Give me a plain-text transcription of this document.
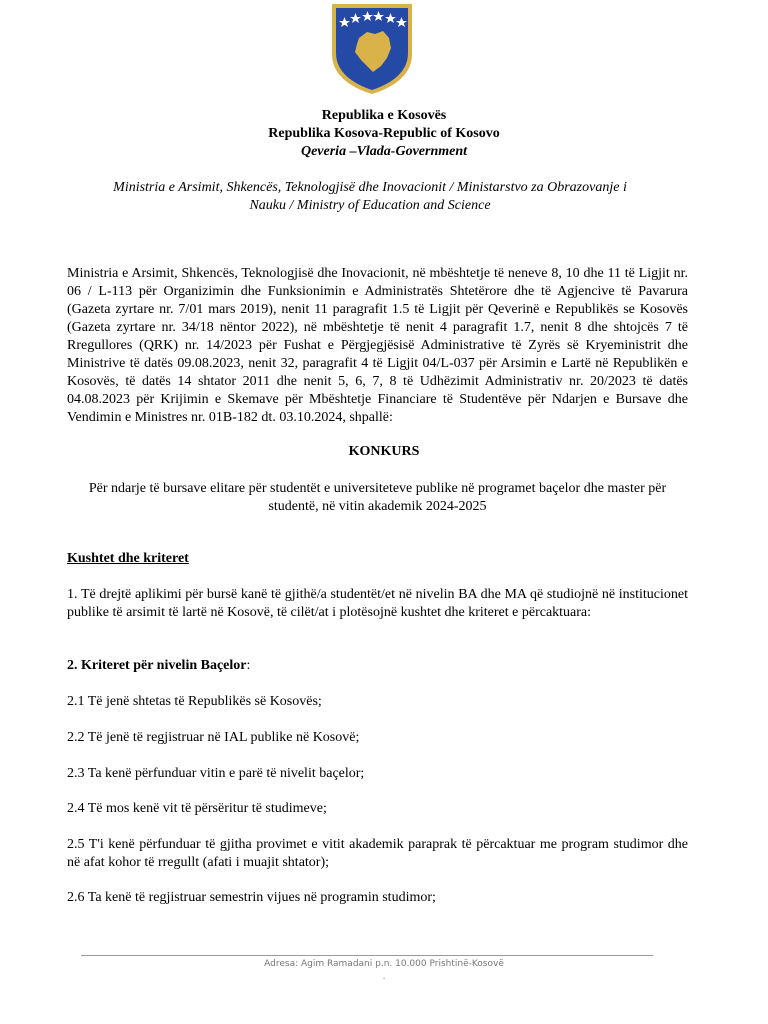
Republika e Kosovës
Republika Kosova-Republic of Kosovo
Qeveria –Vlada-Government
Ministria e Arsimit, Shkencës, Teknologjisë dhe Inovacionit / Ministarstvo za Obrazovanje i
Nauku / Ministry of Education and Science
Ministria e Arsimit, Shkencës, Teknologjisë dhe Inovacionit, në mbështetje të neneve 8, 10 dhe 11 të Ligjit nr. 06 / L-113 për Organizimin dhe Funksionimin e Administratës Shtetërore dhe të Agjencive të Pavarura (Gazeta zyrtare nr. 7/01 mars 2019), nenit 11 paragrafit 1.5 të Ligjit për Qeverinë e Republikës se Kosovës (Gazeta zyrtare nr. 34/18 nëntor 2022), në mbështetje të nenit 4 paragrafit 1.7, nenit 8 dhe shtojcës 7 të Rregullores (QRK) nr. 14/2023 për Fushat e Përgjegjësisë Administrative të Zyrës së Kryeministrit dhe Ministrive të datës 09.08.2023, nenit 32, paragrafit 4 të Ligjit 04/L-037 për Arsimin e Lartë në Republikën e Kosovës, të datës 14 shtator 2011 dhe nenit 5, 6, 7, 8 të Udhëzimit Administrativ nr. 20/2023 të datës 04.08.2023 për Krijimin e Skemave për Mbështetje Financiare të Studentëve për Ndarjen e Bursave dhe Vendimin e Ministres nr. 01B-182 dt. 03.10.2024, shpallë:
KONKURS
Për ndarje të bursave elitare për studentët e universiteteve publike në programet baçelor dhe master për studentë, në vitin akademik 2024-2025
Kushtet dhe kriteret
1. Të drejtë aplikimi për bursë kanë të gjithë/a studentët/et në nivelin BA dhe MA që studiojnë në institucionet publike të arsimit të lartë në Kosovë, të cilët/at i plotësojnë kushtet dhe kriteret e përcaktuara:
2. Kriteret për nivelin Baçelor:
2.1 Të jenë shtetas të Republikës së Kosovës;
2.2 Të jenë të regjistruar në IAL publike në Kosovë;
2.3 Ta kenë përfunduar vitin e parë të nivelit baçelor;
2.4 Të mos kenë vit të përsëritur të studimeve;
2.5 T'i kenë përfunduar të gjitha provimet e vitit akademik paraprak të përcaktuar me program studimor dhe në afat kohor të rregullt (afati i muajit shtator);
2.6 Ta kenë të regjistruar semestrin vijues në programin studimor;
Adresa: Agim Ramadani p.n. 10.000 Prishtinë-Kosovë
.
